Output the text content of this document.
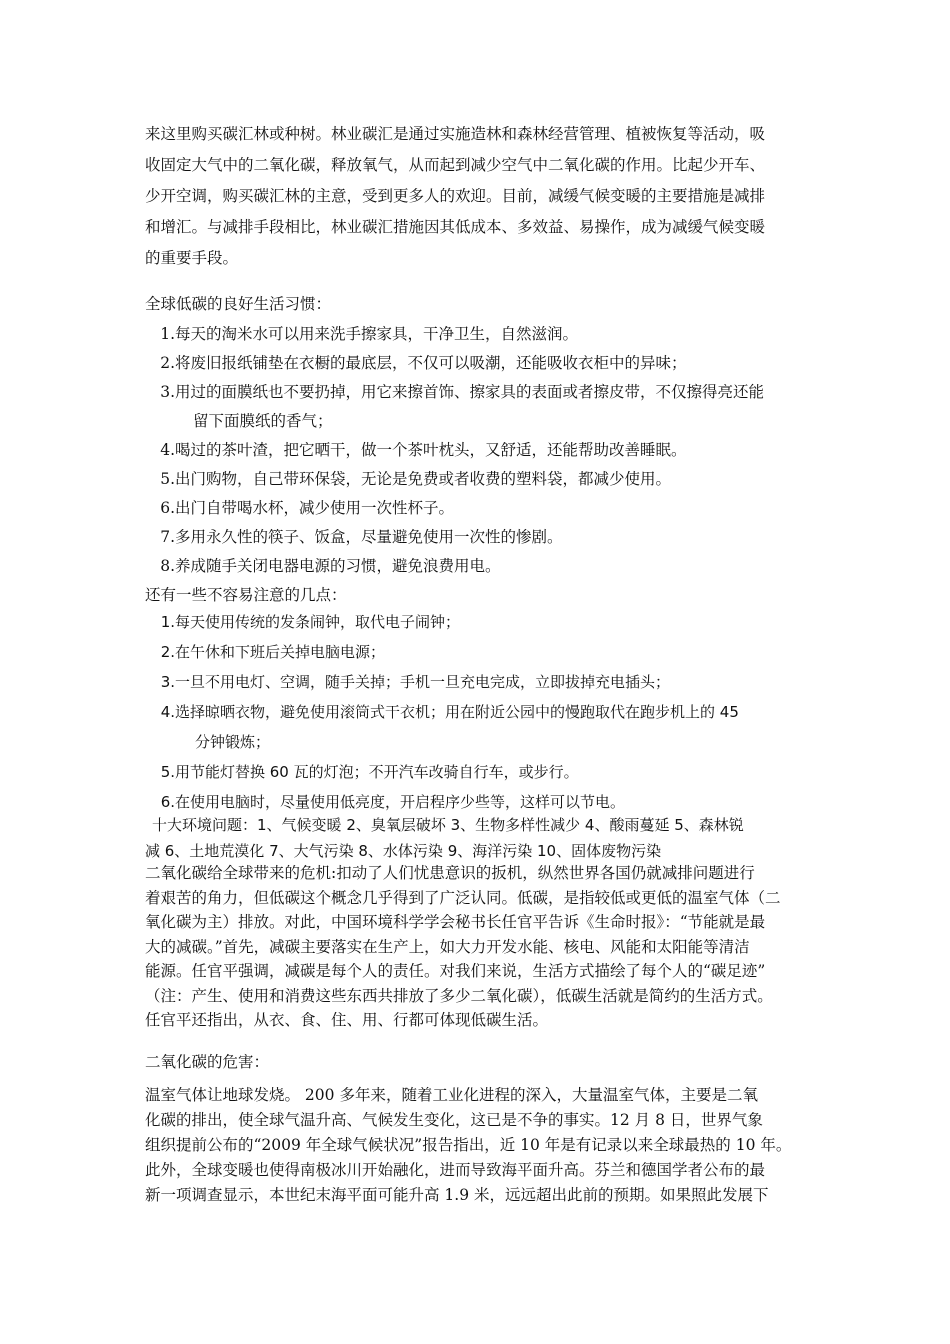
来这里购买碳汇林或种树。林业碳汇是通过实施造林和森林经营管理、植被恢复等活动，吸
收固定大气中的二氧化碳，释放氧气，从而起到减少空气中二氧化碳的作用。比起少开车、
少开空调，购买碳汇林的主意，受到更多人的欢迎。目前，减缓气候变暖的主要措施是减排
和增汇。与减排手段相比，林业碳汇措施因其低成本、多效益、易操作，成为减缓气候变暖
的重要手段。
全球低碳的良好生活习惯：
1.每天的淘米水可以用来洗手擦家具，干净卫生，自然滋润。
2.将废旧报纸铺垫在衣橱的最底层，不仅可以吸潮，还能吸收衣柜中的异味；
3.用过的面膜纸也不要扔掉，用它来擦首饰、擦家具的表面或者擦皮带，不仅擦得亮还能
留下面膜纸的香气；
4.喝过的茶叶渣，把它晒干，做一个茶叶枕头，又舒适，还能帮助改善睡眠。
5.出门购物，自己带环保袋，无论是免费或者收费的塑料袋，都减少使用。
6.出门自带喝水杯，减少使用一次性杯子。
7.多用永久性的筷子、饭盒，尽量避免使用一次性的惨剧。
8.养成随手关闭电器电源的习惯，避免浪费用电。
还有一些不容易注意的几点：
1.每天使用传统的发条闹钟，取代电子闹钟；
2.在午休和下班后关掉电脑电源；
3.一旦不用电灯、空调，随手关掉；手机一旦充电完成，立即拔掉充电插头；
4.选择晾晒衣物，避免使用滚筒式干衣机；用在附近公园中的慢跑取代在跑步机上的 45
分钟锻炼；
5.用节能灯替换 60 瓦的灯泡；不开汽车改骑自行车，或步行。
6.在使用电脑时，尽量使用低亮度，开启程序少些等，这样可以节电。
十大环境问题：1、气候变暖 2、臭氧层破坏 3、生物多样性减少 4、酸雨蔓延 5、森林锐
减 6、土地荒漠化 7、大气污染 8、水体污染 9、海洋污染 10、固体废物污染
二氧化碳给全球带来的危机:扣动了人们忧患意识的扳机，纵然世界各国仍就减排问题进行
着艰苦的角力，但低碳这个概念几乎得到了广泛认同。低碳，是指较低或更低的温室气体（二
氧化碳为主）排放。对此，中国环境科学学会秘书长任官平告诉《生命时报》：“节能就是最
大的减碳。”首先，减碳主要落实在生产上，如大力开发水能、核电、风能和太阳能等清洁
能源。任官平强调，减碳是每个人的责任。对我们来说，生活方式描绘了每个人的“碳足迹”
（注：产生、使用和消费这些东西共排放了多少二氧化碳），低碳生活就是简约的生活方式。
任官平还指出，从衣、食、住、用、行都可体现低碳生活。
二氧化碳的危害：
温室气体让地球发烧。 200 多年来，随着工业化进程的深入，大量温室气体，主要是二氧
化碳的排出，使全球气温升高、气候发生变化，这已是不争的事实。12 月 8 日，世界气象
组织提前公布的“2009 年全球气候状况”报告指出，近 10 年是有记录以来全球最热的 10 年。
此外，全球变暖也使得南极冰川开始融化，进而导致海平面升高。芬兰和德国学者公布的最
新一项调查显示，本世纪末海平面可能升高 1.9 米，远远超出此前的预期。如果照此发展下
